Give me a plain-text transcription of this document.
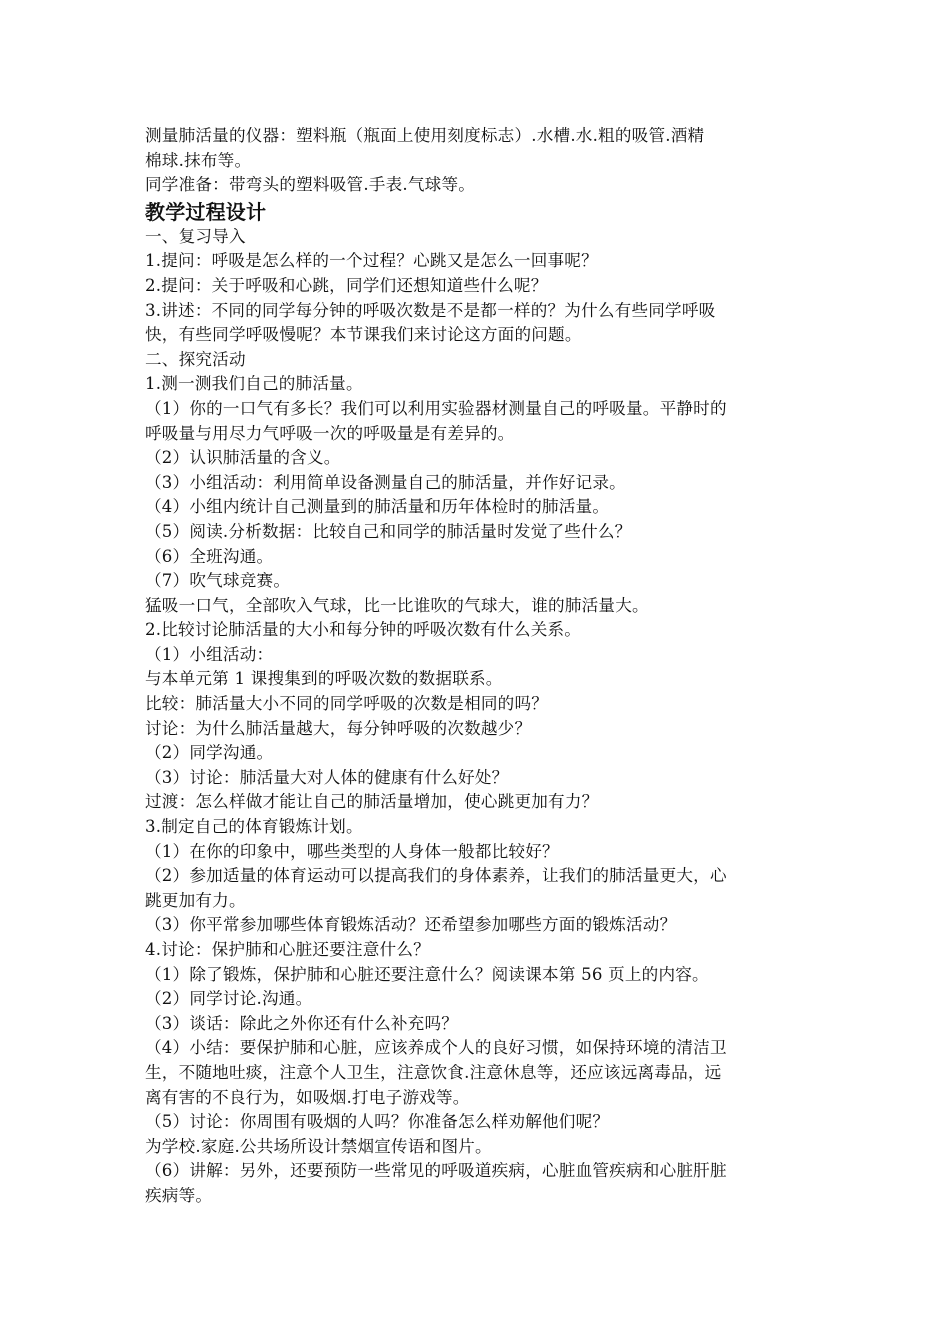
测量肺活量的仪器：塑料瓶（瓶面上使用刻度标志）.水槽.水.粗的吸管.酒精
棉球.抹布等。
同学准备：带弯头的塑料吸管.手表.气球等。
教学过程设计
一、复习导入
1.提问：呼吸是怎么样的一个过程？心跳又是怎么一回事呢？
2.提问：关于呼吸和心跳，同学们还想知道些什么呢？
3.讲述：不同的同学每分钟的呼吸次数是不是都一样的？为什么有些同学呼吸
快，有些同学呼吸慢呢？本节课我们来讨论这方面的问题。
二、探究活动
1.测一测我们自己的肺活量。
（1）你的一口气有多长？我们可以利用实验器材测量自己的呼吸量。平静时的
呼吸量与用尽力气呼吸一次的呼吸量是有差异的。
（2）认识肺活量的含义。
（3）小组活动：利用简单设备测量自己的肺活量，并作好记录。
（4）小组内统计自己测量到的肺活量和历年体检时的肺活量。
（5）阅读.分析数据：比较自己和同学的肺活量时发觉了些什么？
（6）全班沟通。
（7）吹气球竞赛。
猛吸一口气，全部吹入气球，比一比谁吹的气球大，谁的肺活量大。
2.比较讨论肺活量的大小和每分钟的呼吸次数有什么关系。
（1）小组活动：
与本单元第 1 课搜集到的呼吸次数的数据联系。
比较：肺活量大小不同的同学呼吸的次数是相同的吗？
讨论：为什么肺活量越大，每分钟呼吸的次数越少？
（2）同学沟通。
（3）讨论：肺活量大对人体的健康有什么好处？
过渡：怎么样做才能让自己的肺活量增加，使心跳更加有力？
3.制定自己的体育锻炼计划。
（1）在你的印象中，哪些类型的人身体一般都比较好？
（2）参加适量的体育运动可以提高我们的身体素养，让我们的肺活量更大，心
跳更加有力。
（3）你平常参加哪些体育锻炼活动？还希望参加哪些方面的锻炼活动？
4.讨论：保护肺和心脏还要注意什么？
（1）除了锻炼，保护肺和心脏还要注意什么？阅读课本第 56 页上的内容。
（2）同学讨论.沟通。
（3）谈话：除此之外你还有什么补充吗？
（4）小结：要保护肺和心脏，应该养成个人的良好习惯，如保持环境的清洁卫
生，不随地吐痰，注意个人卫生，注意饮食.注意休息等，还应该远离毒品，远
离有害的不良行为，如吸烟.打电子游戏等。
（5）讨论：你周围有吸烟的人吗？你准备怎么样劝解他们呢？
为学校.家庭.公共场所设计禁烟宣传语和图片。
（6）讲解：另外，还要预防一些常见的呼吸道疾病，心脏血管疾病和心脏肝脏
疾病等。
